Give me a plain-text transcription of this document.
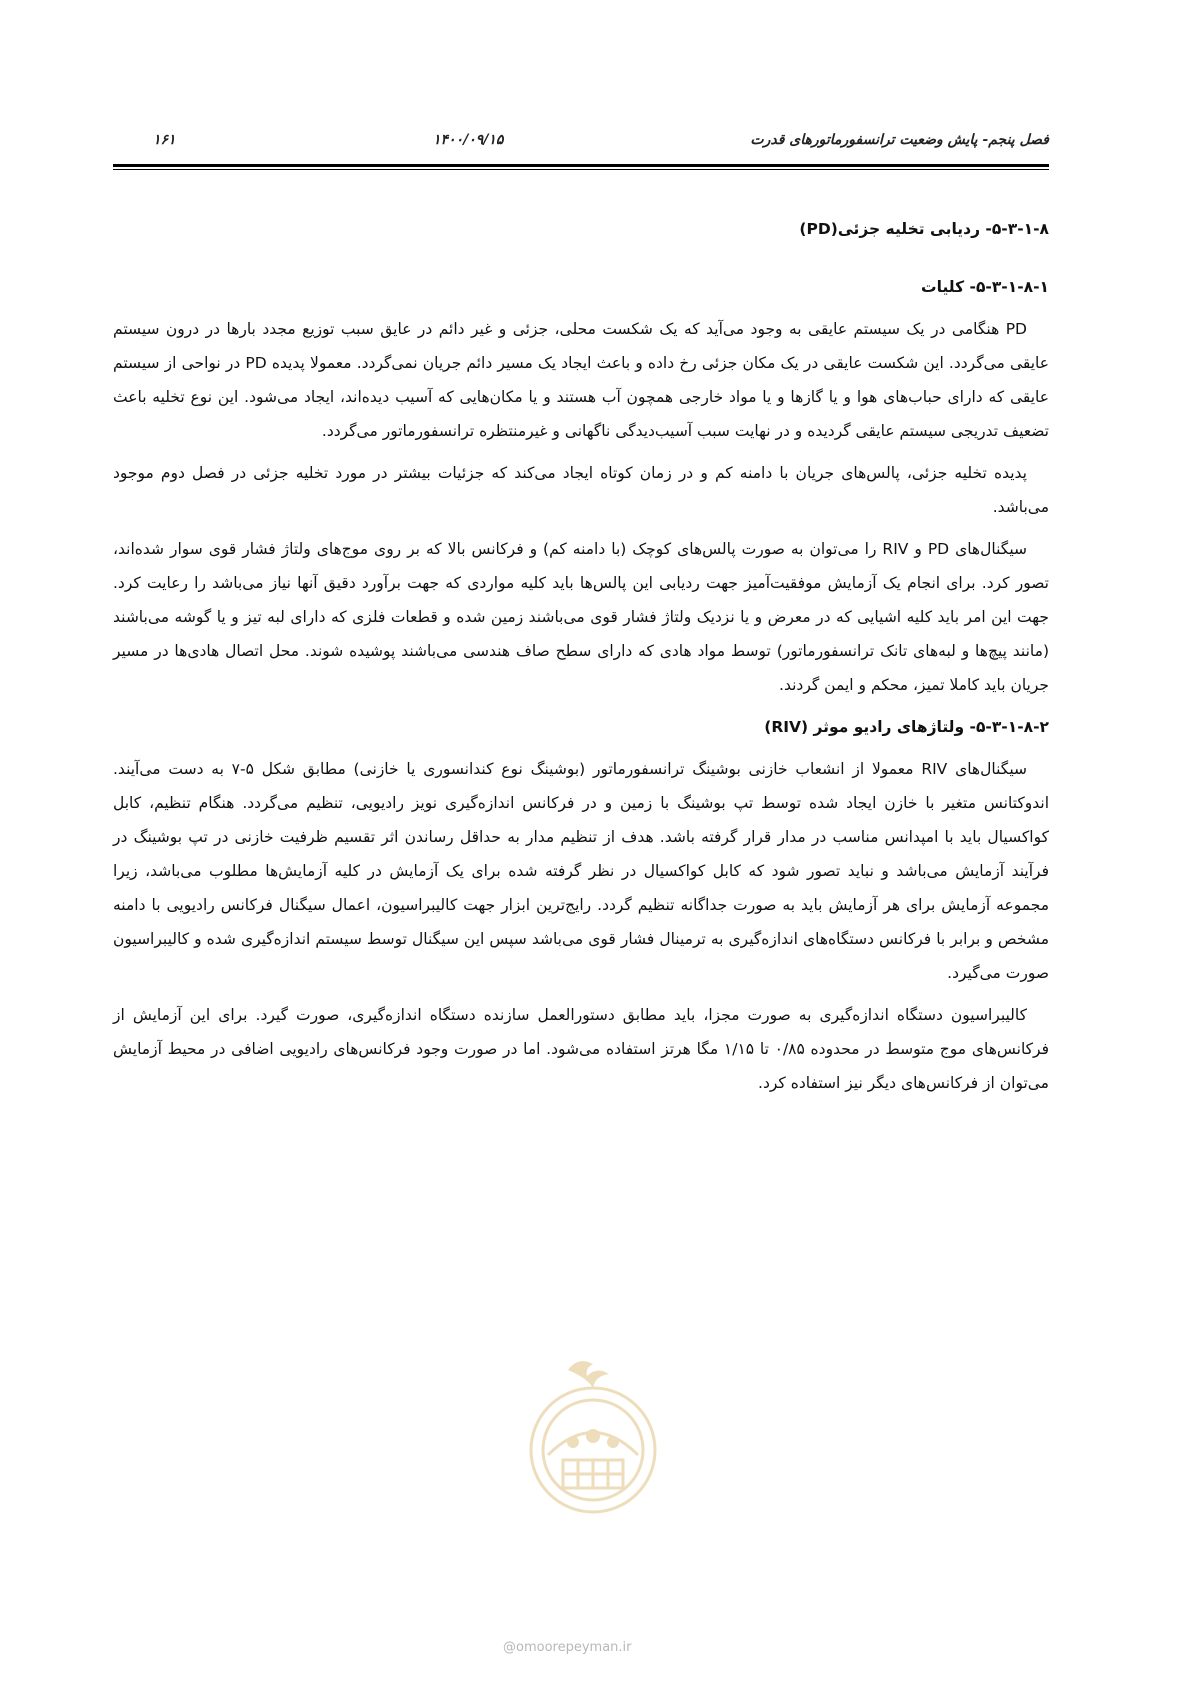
فصل پنجم- پایش وضعیت ترانسفورماتورهای قدرت
۱۴۰۰/۰۹/۱۵
۱۶۱
۵-۳-۱-۸- ردیابی تخلیه جزئی(PD)
۵-۳-۱-۸-۱- کلیات

PD هنگامی در یک سیستم عایقی به وجود می‌آید که یک شکست محلی، جزئی و غیر دائم در عایق سبب توزیع مجدد بارها در درون سیستم عایقی می‌گردد. این شکست عایقی در یک مکان جزئی رخ داده و باعث ایجاد یک مسیر دائم جریان نمی‌گردد. معمولا پدیده PD در نواحی از سیستم عایقی که دارای حباب‌های هوا و یا گازها و یا مواد خارجی همچون آب هستند و یا مکان‌هایی که آسیب دیده‌اند، ایجاد می‌شود. این نوع تخلیه باعث تضعیف تدریجی سیستم عایقی گردیده و در نهایت سبب آسیب‌دیدگی ناگهانی و غیرمنتظره ترانسفورماتور می‌گردد.

پدیده تخلیه جزئی، پالس‌های جریان با دامنه کم و در زمان کوتاه ایجاد می‌کند که جزئیات بیشتر در مورد تخلیه جزئی در فصل دوم موجود می‌باشد.

سیگنال‌های PD و RIV را می‌توان به صورت پالس‌های کوچک (با دامنه کم) و فرکانس بالا که بر روی موج‌های ولتاژ فشار قوی سوار شده‌اند، تصور کرد. برای انجام یک آزمایش موفقیت‌آمیز جهت ردیابی این پالس‌ها باید کلیه مواردی که جهت برآورد دقیق آنها نیاز می‌باشد را رعایت کرد. جهت این امر باید کلیه اشیایی که در معرض و یا نزدیک ولتاژ فشار قوی می‌باشند زمین شده و قطعات فلزی که دارای لبه تیز و یا گوشه می‌باشند (مانند پیچ‌ها و لبه‌های تانک ترانسفورماتور) توسط مواد هادی که دارای سطح صاف هندسی می‌باشند پوشیده شوند. محل اتصال هادی‌ها در مسیر جریان باید کاملا تمیز، محکم و ایمن گردند.

۵-۳-۱-۸-۲- ولتاژهای رادیو موثر (RIV)

سیگنال‌های RIV معمولا از انشعاب خازنی بوشینگ ترانسفورماتور (بوشینگ نوع کندانسوری یا خازنی) مطابق شکل ۵-۷ به دست می‌آیند. اندوکتانس متغیر با خازن ایجاد شده توسط تپ بوشینگ با زمین و در فرکانس اندازه‌گیری نویز رادیویی، تنظیم می‌گردد. هنگام تنظیم، کابل کواکسیال باید با امپدانس مناسب در مدار قرار گرفته باشد. هدف از تنظیم مدار به حداقل رساندن اثر تقسیم ظرفیت خازنی در تپ بوشینگ در فرآیند آزمایش می‌باشد و نباید تصور شود که کابل کواکسیال در نظر گرفته شده برای یک آزمایش در کلیه آزمایش‌ها مطلوب می‌باشد، زیرا مجموعه آزمایش برای هر آزمایش باید به صورت جداگانه تنظیم گردد. رایج‌ترین ابزار جهت کالیبراسیون، اعمال سیگنال فرکانس رادیویی با دامنه مشخص و برابر با فرکانس دستگاه‌های اندازه‌گیری به ترمینال فشار قوی می‌باشد سپس این سیگنال توسط سیستم اندازه‌گیری شده و کالیبراسیون صورت می‌گیرد.

کالیبراسیون دستگاه اندازه‌گیری به صورت مجزا، باید مطابق دستورالعمل سازنده دستگاه اندازه‌گیری، صورت گیرد. برای این آزمایش از فرکانس‌های موج متوسط در محدوده ۰/۸۵ تا ۱/۱۵ مگا هرتز استفاده می‌شود. اما در صورت وجود فرکانس‌های رادیویی اضافی در محیط آزمایش می‌توان از فرکانس‌های دیگر نیز استفاده کرد.

@omoorepeyman.ir
